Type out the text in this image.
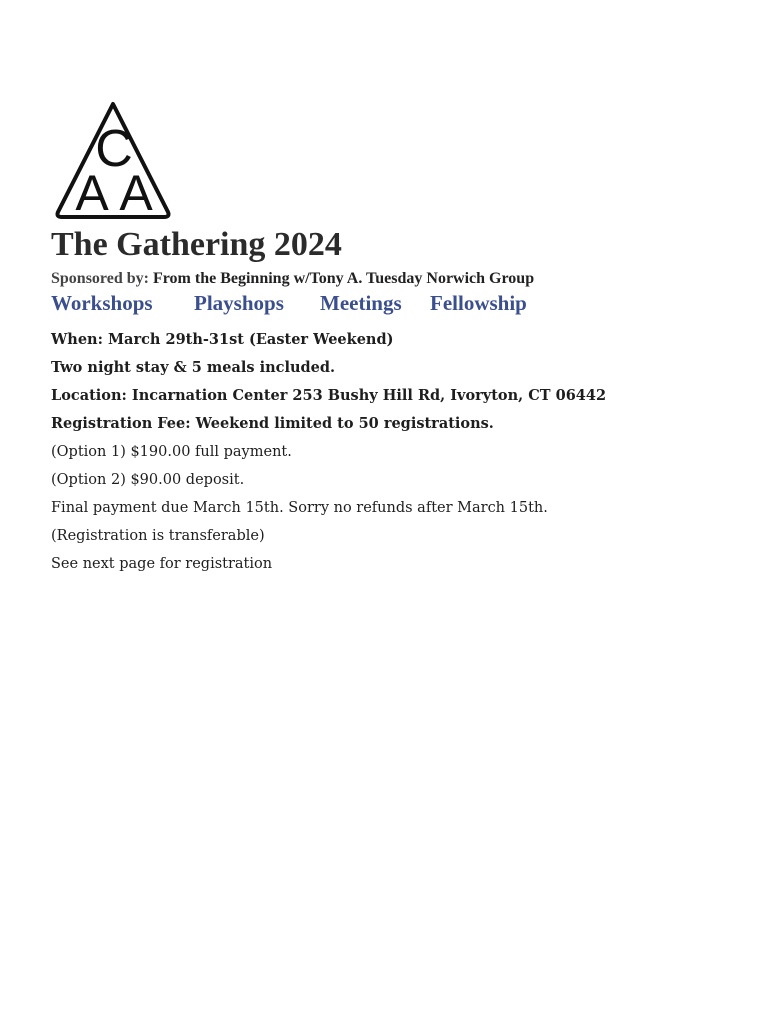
C
A A
The Gathering 2024
Sponsored by: From the Beginning w/Tony A. Tuesday Norwich Group
Workshops Playshops Meetings Fellowship
When: March 29th-31st (Easter Weekend)
Two night stay & 5 meals included.
Location: Incarnation Center 253 Bushy Hill Rd, Ivoryton, CT 06442
Registration Fee: Weekend limited to 50 registrations.
(Option 1) $190.00 full payment.
(Option 2) $90.00 deposit.
Final payment due March 15th. Sorry no refunds after March 15th.
(Registration is transferable)
See next page for registration
